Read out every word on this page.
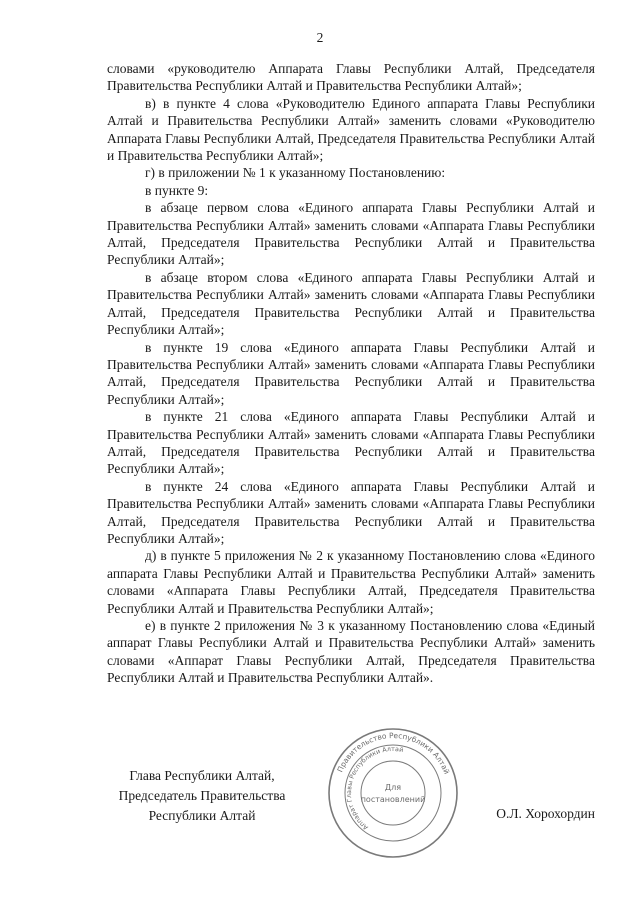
2

словами «руководителю Аппарата Главы Республики Алтай, Председателя Правительства Республики Алтай и Правительства Республики Алтай»;

в) в пункте 4 слова «Руководителю Единого аппарата Главы Республики Алтай и Правительства Республики Алтай» заменить словами «Руководителю Аппарата Главы Республики Алтай, Председателя Правительства Республики Алтай и Правительства Республики Алтай»;

г) в приложении № 1 к указанному Постановлению:

в пункте 9:

в абзаце первом слова «Единого аппарата Главы Республики Алтай и Правительства Республики Алтай» заменить словами «Аппарата Главы Республики Алтай, Председателя Правительства Республики Алтай и Правительства Республики Алтай»;

в абзаце втором слова «Единого аппарата Главы Республики Алтай и Правительства Республики Алтай» заменить словами «Аппарата Главы Республики Алтай, Председателя Правительства Республики Алтай и Правительства Республики Алтай»;

в пункте 19 слова «Единого аппарата Главы Республики Алтай и Правительства Республики Алтай» заменить словами «Аппарата Главы Республики Алтай, Председателя Правительства Республики Алтай и Правительства Республики Алтай»;

в пункте 21 слова «Единого аппарата Главы Республики Алтай и Правительства Республики Алтай» заменить словами «Аппарата Главы Республики Алтай, Председателя Правительства Республики Алтай и Правительства Республики Алтай»;

в пункте 24 слова «Единого аппарата Главы Республики Алтай и Правительства Республики Алтай» заменить словами «Аппарата Главы Республики Алтай, Председателя Правительства Республики Алтай и Правительства Республики Алтай»;

д) в пункте 5 приложения № 2 к указанному Постановлению слова «Единого аппарата Главы Республики Алтай и Правительства Республики Алтай» заменить словами «Аппарата Главы Республики Алтай, Председателя Правительства Республики Алтай и Правительства Республики Алтай»;

е) в пункте 2 приложения № 3 к указанному Постановлению слова «Единый аппарат Главы Республики Алтай и Правительства Республики Алтай» заменить словами «Аппарат Главы Республики Алтай, Председателя Правительства Республики Алтай и Правительства Республики Алтай».

Глава Республики Алтай,
Председатель Правительства
Республики Алтай
Правительство Республики Алтай
Аппарат Главы Республики Алтай
Для
постановлений
О.Л. Хорохордин
